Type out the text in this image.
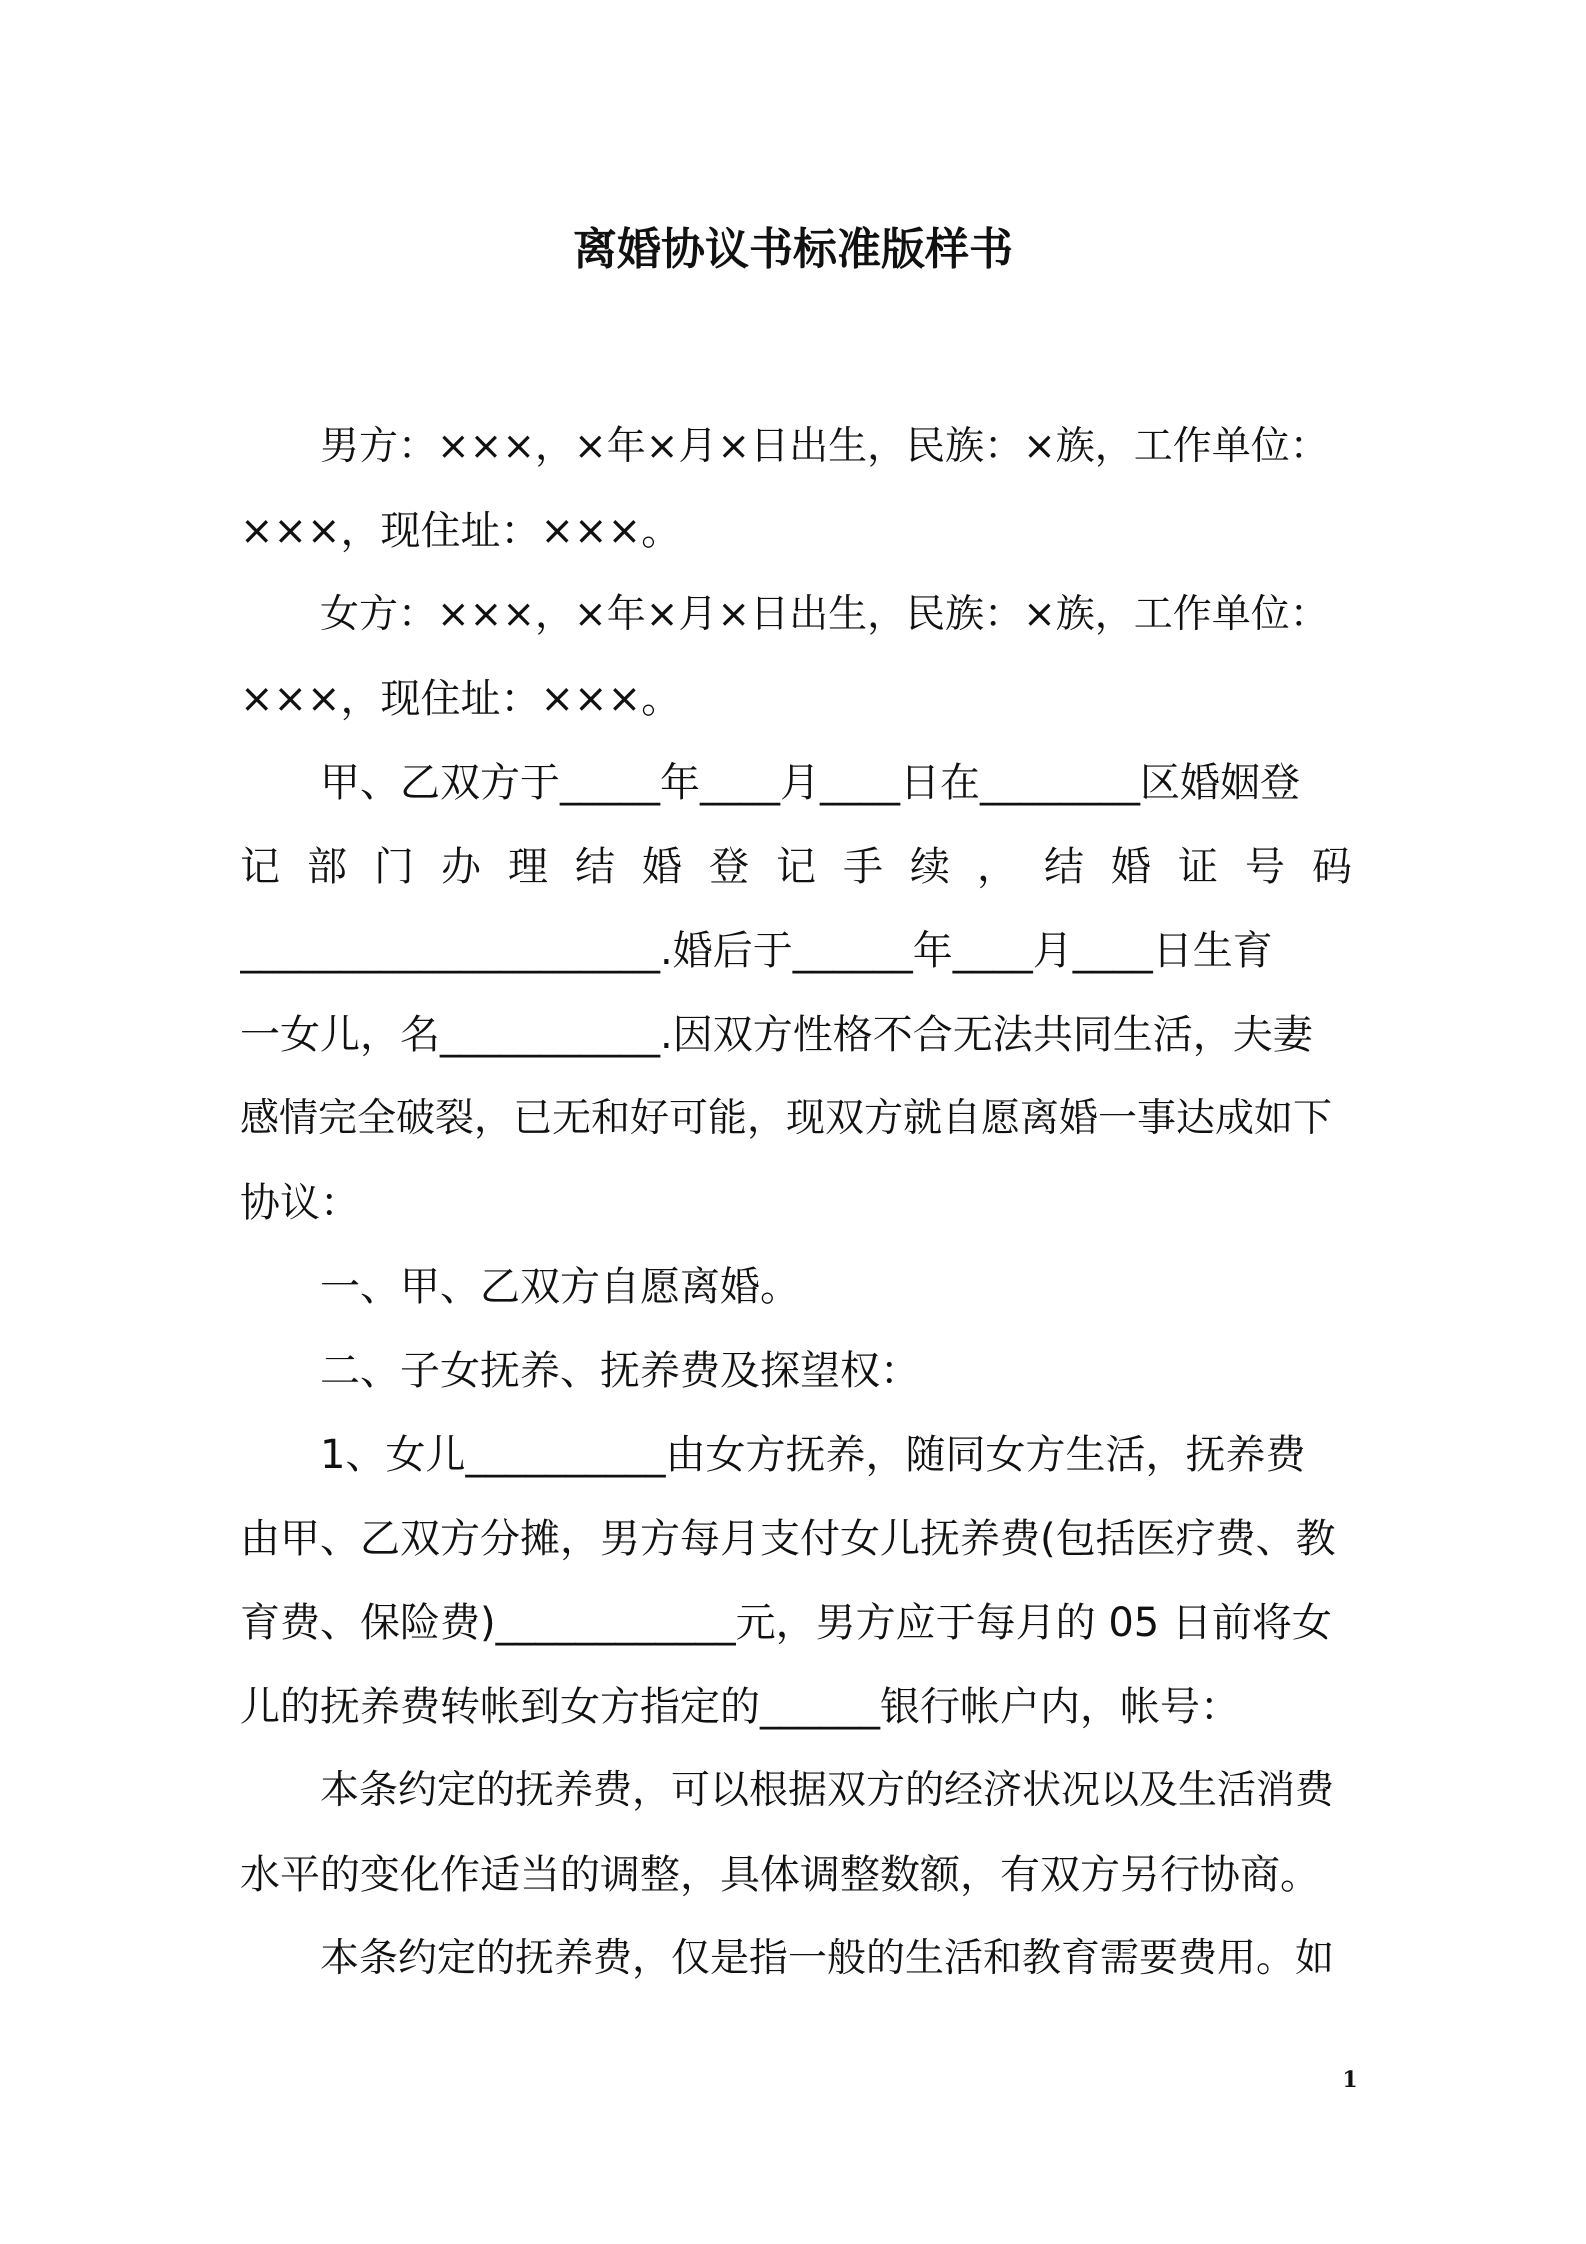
离婚协议书标准版样书
男方：×××，×年×月×日出生，民族：×族，工作单位：
×××，现住址：×××。
女方：×××，×年×月×日出生，民族：×族，工作单位：
×××，现住址：×××。
甲、乙双方于_____年____月____日在________区婚姻登
记部门办理结婚登记手续，结婚证号码
_____________________.婚后于______年____月____日生育
一女儿，名___________.因双方性格不合无法共同生活，夫妻
感情完全破裂，已无和好可能，现双方就自愿离婚一事达成如下
协议：
一、甲、乙双方自愿离婚。
二、子女抚养、抚养费及探望权：
1、女儿__________由女方抚养，随同女方生活，抚养费
由甲、乙双方分摊，男方每月支付女儿抚养费(包括医疗费、教
育费、保险费)____________元，男方应于每月的 05 日前将女
儿的抚养费转帐到女方指定的______银行帐户内，帐号：
本条约定的抚养费，可以根据双方的经济状况以及生活消费
水平的变化作适当的调整，具体调整数额，有双方另行协商。
本条约定的抚养费，仅是指一般的生活和教育需要费用。如
1
